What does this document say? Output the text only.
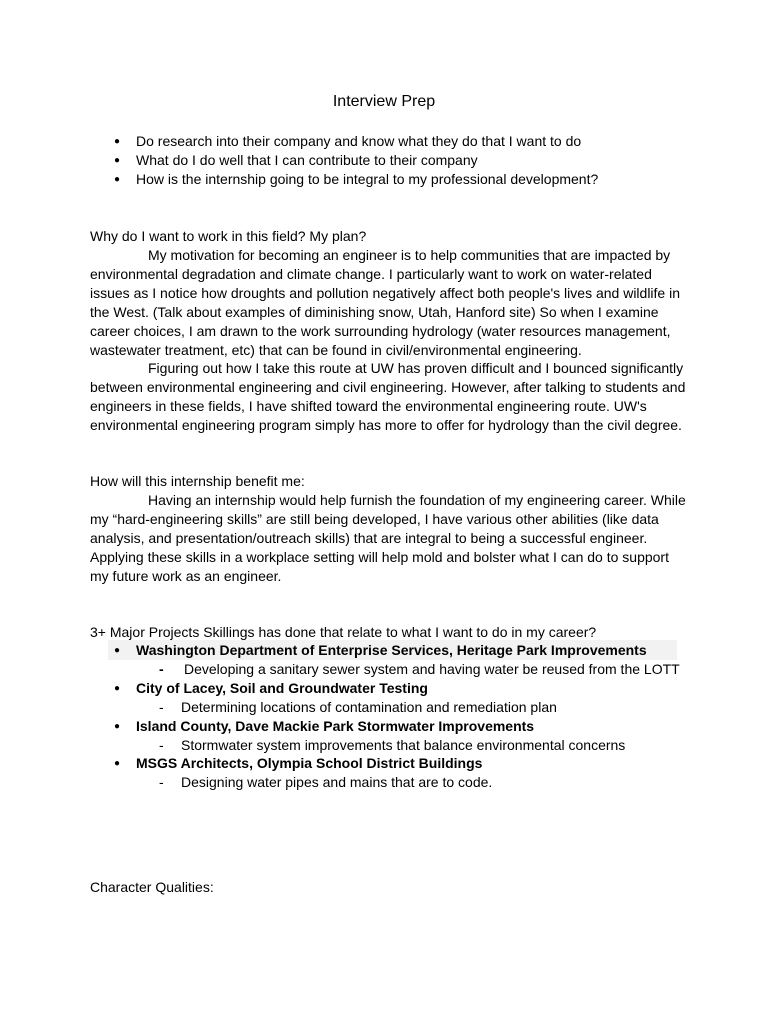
Interview Prep
● Do research into their company and know what they do that I want to do
● What do I do well that I can contribute to their company
● How is the internship going to be integral to my professional development?
Why do I want to work in this field? My plan?
My motivation for becoming an engineer is to help communities that are impacted by
environmental degradation and climate change. I particularly want to work on water-related
issues as I notice how droughts and pollution negatively affect both people's lives and wildlife in
the West. (Talk about examples of diminishing snow, Utah, Hanford site) So when I examine
career choices, I am drawn to the work surrounding hydrology (water resources management,
wastewater treatment, etc) that can be found in civil/environmental engineering.
Figuring out how I take this route at UW has proven difficult and I bounced significantly
between environmental engineering and civil engineering. However, after talking to students and
engineers in these fields, I have shifted toward the environmental engineering route. UW's
environmental engineering program simply has more to offer for hydrology than the civil degree.
How will this internship benefit me:
Having an internship would help furnish the foundation of my engineering career. While
my “hard-engineering skills” are still being developed, I have various other abilities (like data
analysis, and presentation/outreach skills) that are integral to being a successful engineer.
Applying these skills in a workplace setting will help mold and bolster what I can do to support
my future work as an engineer.
3+ Major Projects Skillings has done that relate to what I want to do in my career?
● Washington Department of Enterprise Services, Heritage Park Improvements
- Developing a sanitary sewer system and having water be reused from the LOTT
● City of Lacey, Soil and Groundwater Testing
- Determining locations of contamination and remediation plan
● Island County, Dave Mackie Park Stormwater Improvements
- Stormwater system improvements that balance environmental concerns
● MSGS Architects, Olympia School District Buildings
- Designing water pipes and mains that are to code.
Character Qualities:
